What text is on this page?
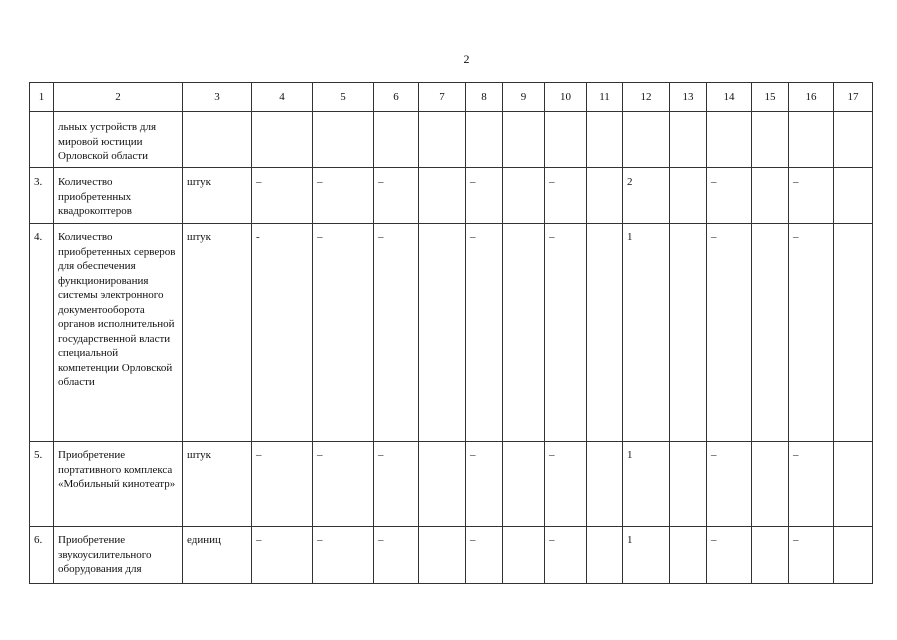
2
1	2	3	4	5	6	7	8	9	10	11	12	13	14	15	16	17
	льных устройств для мировой юстиции Орловской области															
3.	Количество приобретенных квадрокоптеров	штук	–	–	–		–		–		2		–		–	
4.	Количество приобретенных серверов для обеспечения функционирования системы электронного документооборота органов исполнительной государственной власти специальной компетенции Орловской области	штук	-	–	–		–		–		1		–		–	
5.	Приобретение портативного комплекса «Мобильный кинотеатр»	штук	–	–	–		–		–		1		–		–	
6.	Приобретение звукоусилительного оборудования для	единиц	–	–	–		–		–		1		–		–	
